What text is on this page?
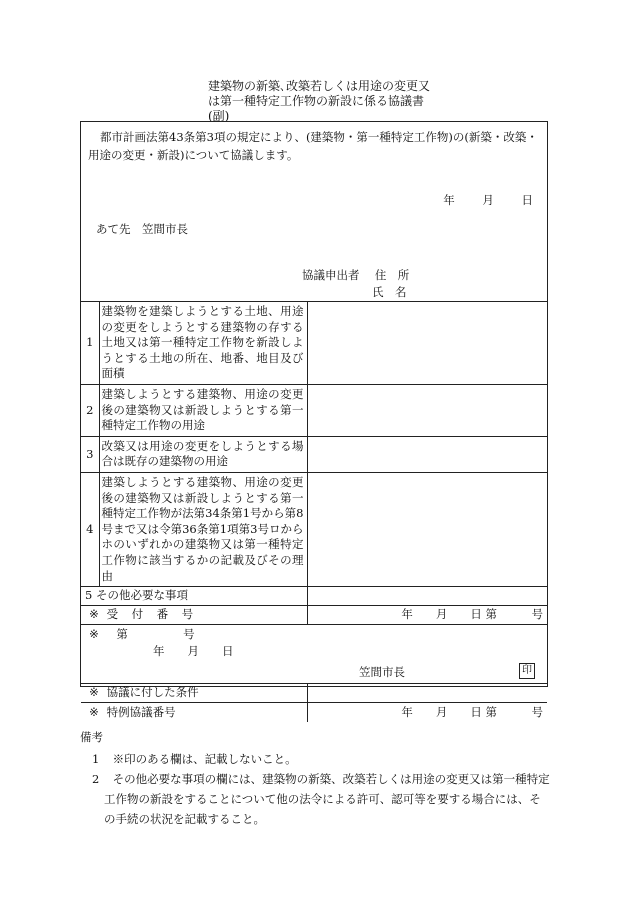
建築物の新築､改築若しくは用途の変更又
は第一種特定工作物の新設に係る協議書
(副)
都市計画法第43条第3項の規定により、(建築物・第一種特定工作物)の(新築・改築・用途の変更・新設)について協議します。
年 月 日
あて先　笠間市長
協議申出者 住　所
氏　名
1	建築物を建築しようとする土地、用途の変更をしようとする建築物の存する土地又は第一種特定工作物を新設しようとする土地の所在、地番、地目及び面積	
2	建築しようとする建築物、用途の変更後の建築物又は新設しようとする第一種特定工作物の用途	
3	改築又は用途の変更をしようとする場合は既存の建築物の用途	
4	建築しようとする建築物、用途の変更後の建築物又は新設しようとする第一種特定工作物が法第34条第1号から第8号まで又は令第36条第1項第3号ロからホのいずれかの建築物又は第一種特定工作物に該当するかの記載及びその理由	
5 その他必要な事項		
※ 受　付　番　号		年　　月　　日 第　　　号

※ 第 号
年　　月　　日
笠間市長 印		

※ 協議に付した条件		
※ 特例協議番号		年　　月　　日 第　　　号
備考
1 ※印のある欄は、記載しないこと。
2 その他必要な事項の欄には、建築物の新築、改築若しくは用途の変更又は第一種特定工作物の新設をすることについて他の法令による許可、認可等を要する場合には、その手続の状況を記載すること。
